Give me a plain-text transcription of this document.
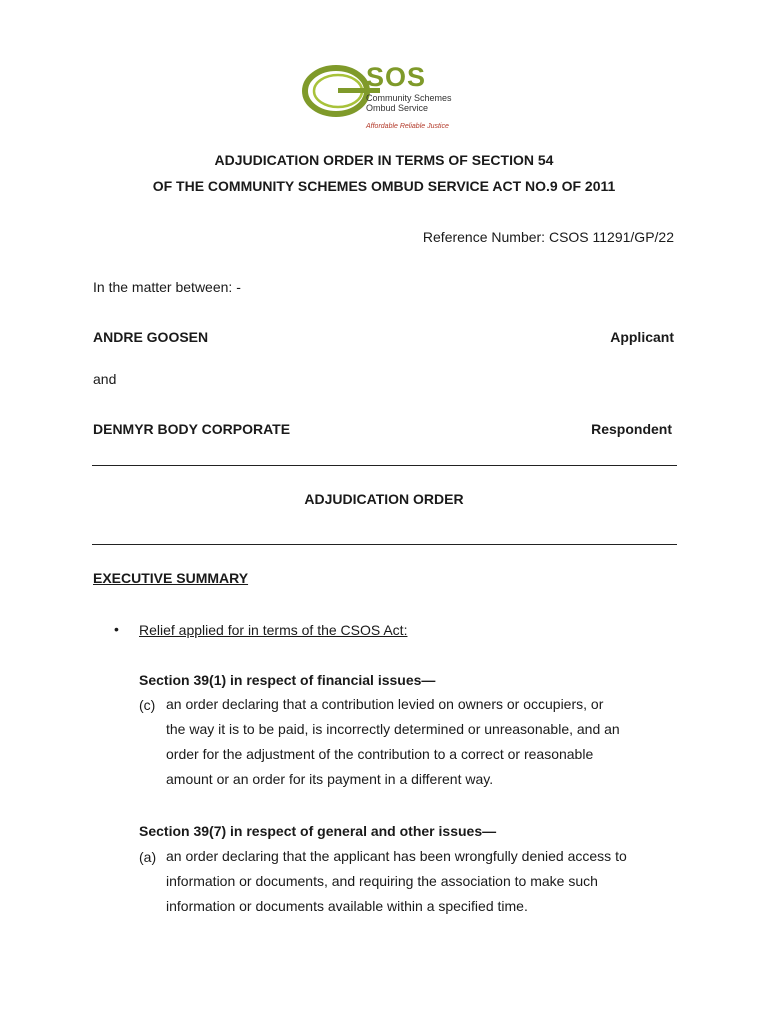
SOS
Community Schemes
Ombud Service
Affordable Reliable Justice
ADJUDICATION ORDER IN TERMS OF SECTION 54
OF THE COMMUNITY SCHEMES OMBUD SERVICE ACT NO.9 OF 2011
Reference Number: CSOS 11291/GP/22
In the matter between: -
ANDRE GOOSEN	Applicant
and
DENMYR BODY CORPORATE	Respondent
ADJUDICATION ORDER
EXECUTIVE SUMMARY
• Relief applied for in terms of the CSOS Act:
Section 39(1) in respect of financial issues—
(c) an order declaring that a contribution levied on owners or occupiers, or
the way it is to be paid, is incorrectly determined or unreasonable, and an
order for the adjustment of the contribution to a correct or reasonable
amount or an order for its payment in a different way.
Section 39(7) in respect of general and other issues—
(a) an order declaring that the applicant has been wrongfully denied access to
information or documents, and requiring the association to make such
information or documents available within a specified time.
